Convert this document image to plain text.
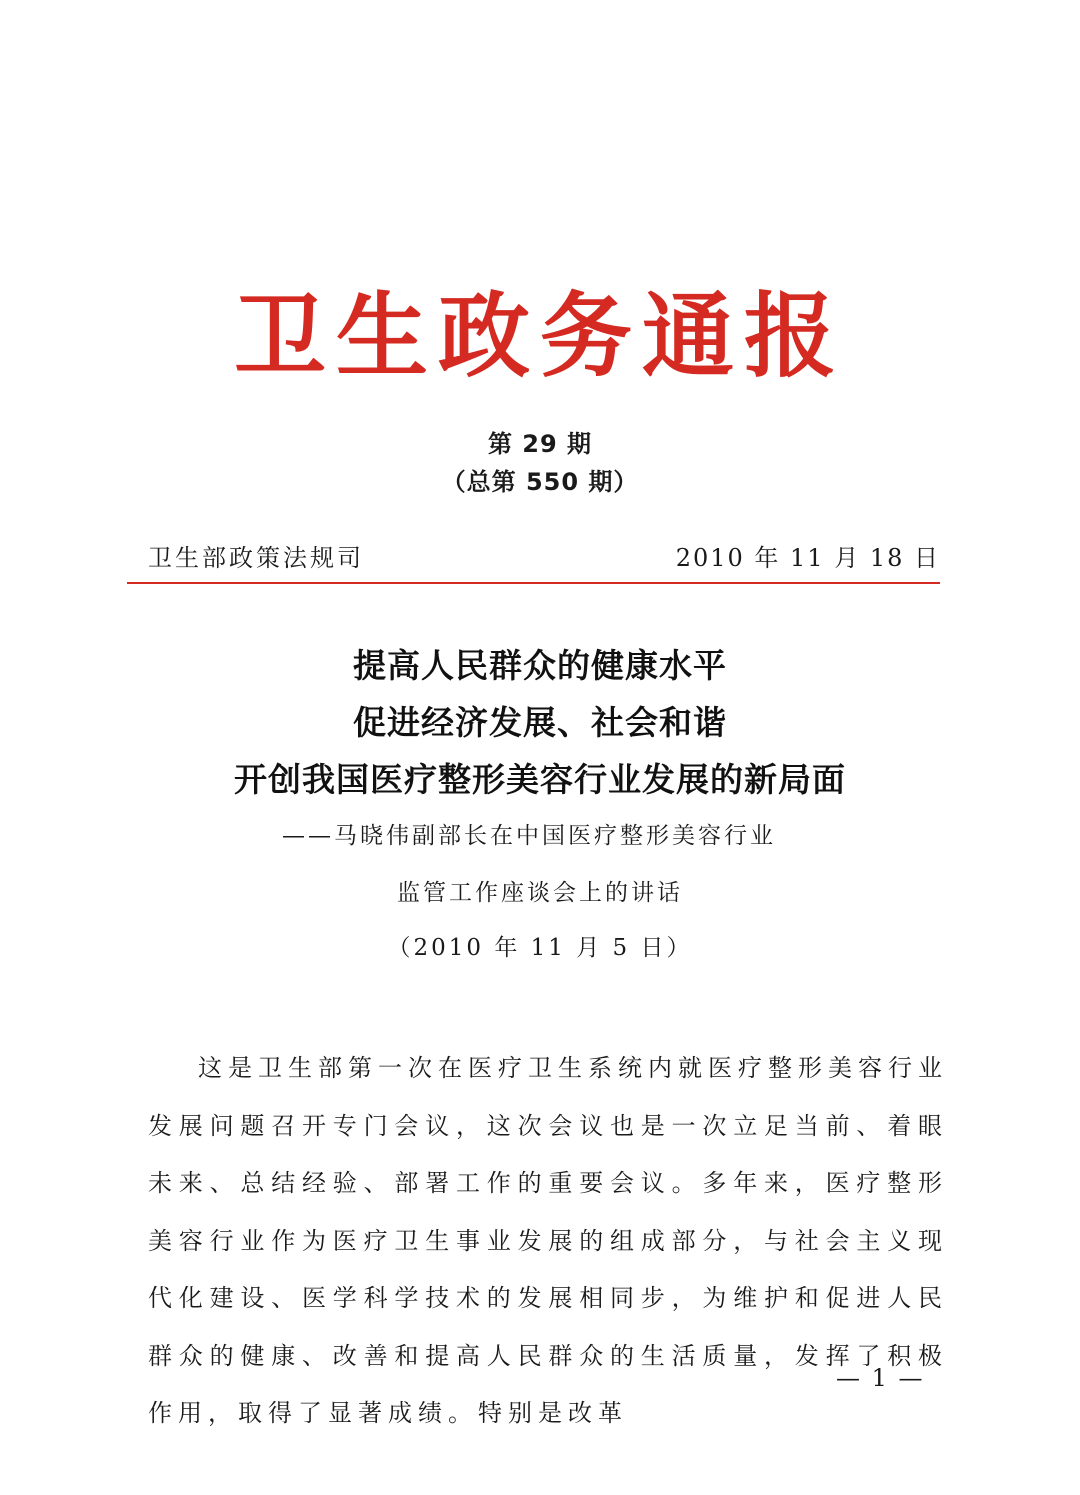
卫生政务通报
第 29 期
（总第 550 期）
卫生部政策法规司	2010 年 11 月 18 日
提高人民群众的健康水平
促进经济发展、社会和谐
开创我国医疗整形美容行业发展的新局面
——马晓伟副部长在中国医疗整形美容行业
监管工作座谈会上的讲话
（2010 年 11 月 5 日）
这是卫生部第一次在医疗卫生系统内就医疗整形美容行业发展问题召开专门会议，这次会议也是一次立足当前、着眼未来、总结经验、部署工作的重要会议。多年来，医疗整形美容行业作为医疗卫生事业发展的组成部分，与社会主义现代化建设、医学科学技术的发展相同步，为维护和促进人民群众的健康、改善和提高人民群众的生活质量，发挥了积极作用，取得了显著成绩。特别是改革
— 1 —
